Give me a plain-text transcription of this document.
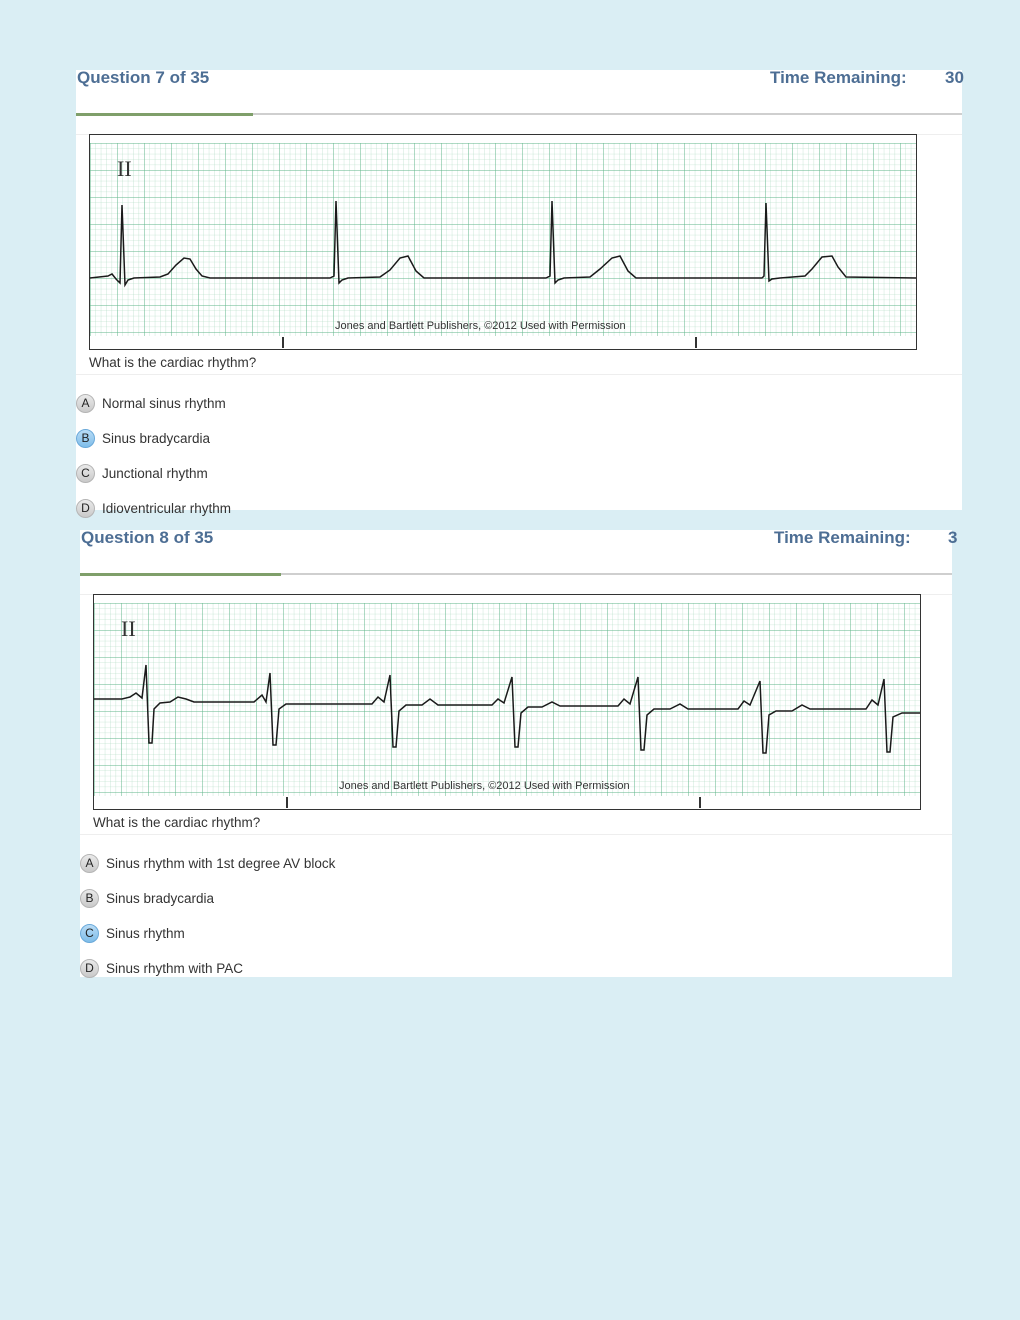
Question 7 of 35	Time Remaining: 30
II
Jones and Bartlett Publishers, ©2012 Used with Permission
What is the cardiac rhythm?
A Normal sinus rhythm
B Sinus bradycardia
C Junctional rhythm
D Idioventricular rhythm
Question 8 of 35	Time Remaining: 3
II
Jones and Bartlett Publishers, ©2012 Used with Permission
What is the cardiac rhythm?
A Sinus rhythm with 1st degree AV block
B Sinus bradycardia
C Sinus rhythm
D Sinus rhythm with PAC
